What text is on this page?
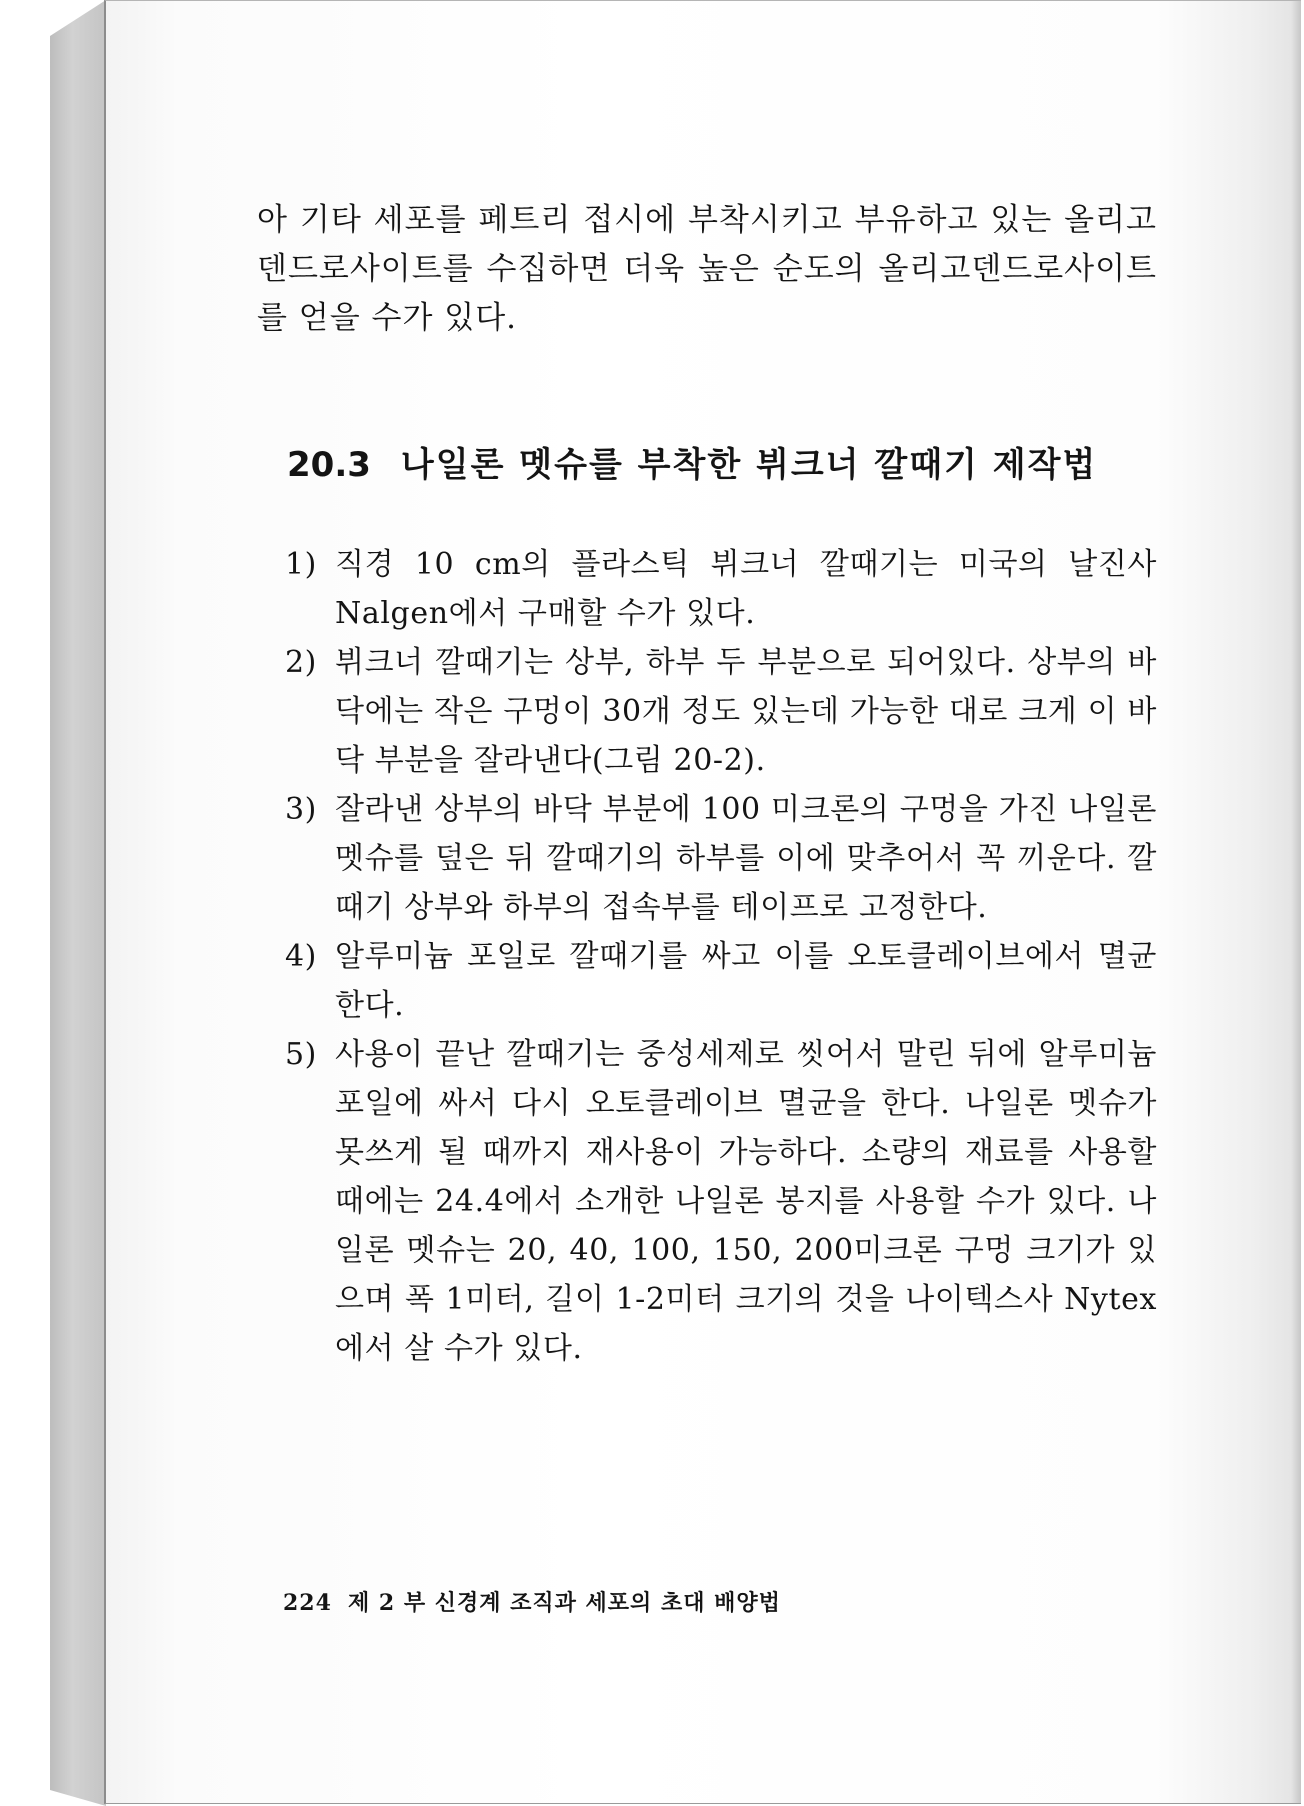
아 기타 세포를 페트리 접시에 부착시키고 부유하고 있는 올리고덴드로사이트를 수집하면 더욱 높은 순도의 올리고덴드로사이트를 얻을 수가 있다.

20.3 나일론 멧슈를 부착한 뷔크너 깔때기 제작법
1) 직경 10 cm의 플라스틱 뷔크너 깔때기는 미국의 날진사 Nalgen에서 구매할 수가 있다.
2) 뷔크너 깔때기는 상부, 하부 두 부분으로 되어있다. 상부의 바닥에는 작은 구멍이 30개 정도 있는데 가능한 대로 크게 이 바닥 부분을 잘라낸다(그림 20-2).
3) 잘라낸 상부의 바닥 부분에 100 미크론의 구멍을 가진 나일론 멧슈를 덮은 뒤 깔때기의 하부를 이에 맞추어서 꼭 끼운다. 깔때기 상부와 하부의 접속부를 테이프로 고정한다.
4) 알루미늄 포일로 깔때기를 싸고 이를 오토클레이브에서 멸균한다.
5) 사용이 끝난 깔때기는 중성세제로 씻어서 말린 뒤에 알루미늄 포일에 싸서 다시 오토클레이브 멸균을 한다. 나일론 멧슈가 못쓰게 될 때까지 재사용이 가능하다. 소량의 재료를 사용할 때에는 24.4에서 소개한 나일론 봉지를 사용할 수가 있다. 나일론 멧슈는 20, 40, 100, 150, 200미크론 구멍 크기가 있으며 폭 1미터, 길이 1-2미터 크기의 것을 나이텍스사 Nytex에서 살 수가 있다.
224 제 2 부 신경계 조직과 세포의 초대 배양법
